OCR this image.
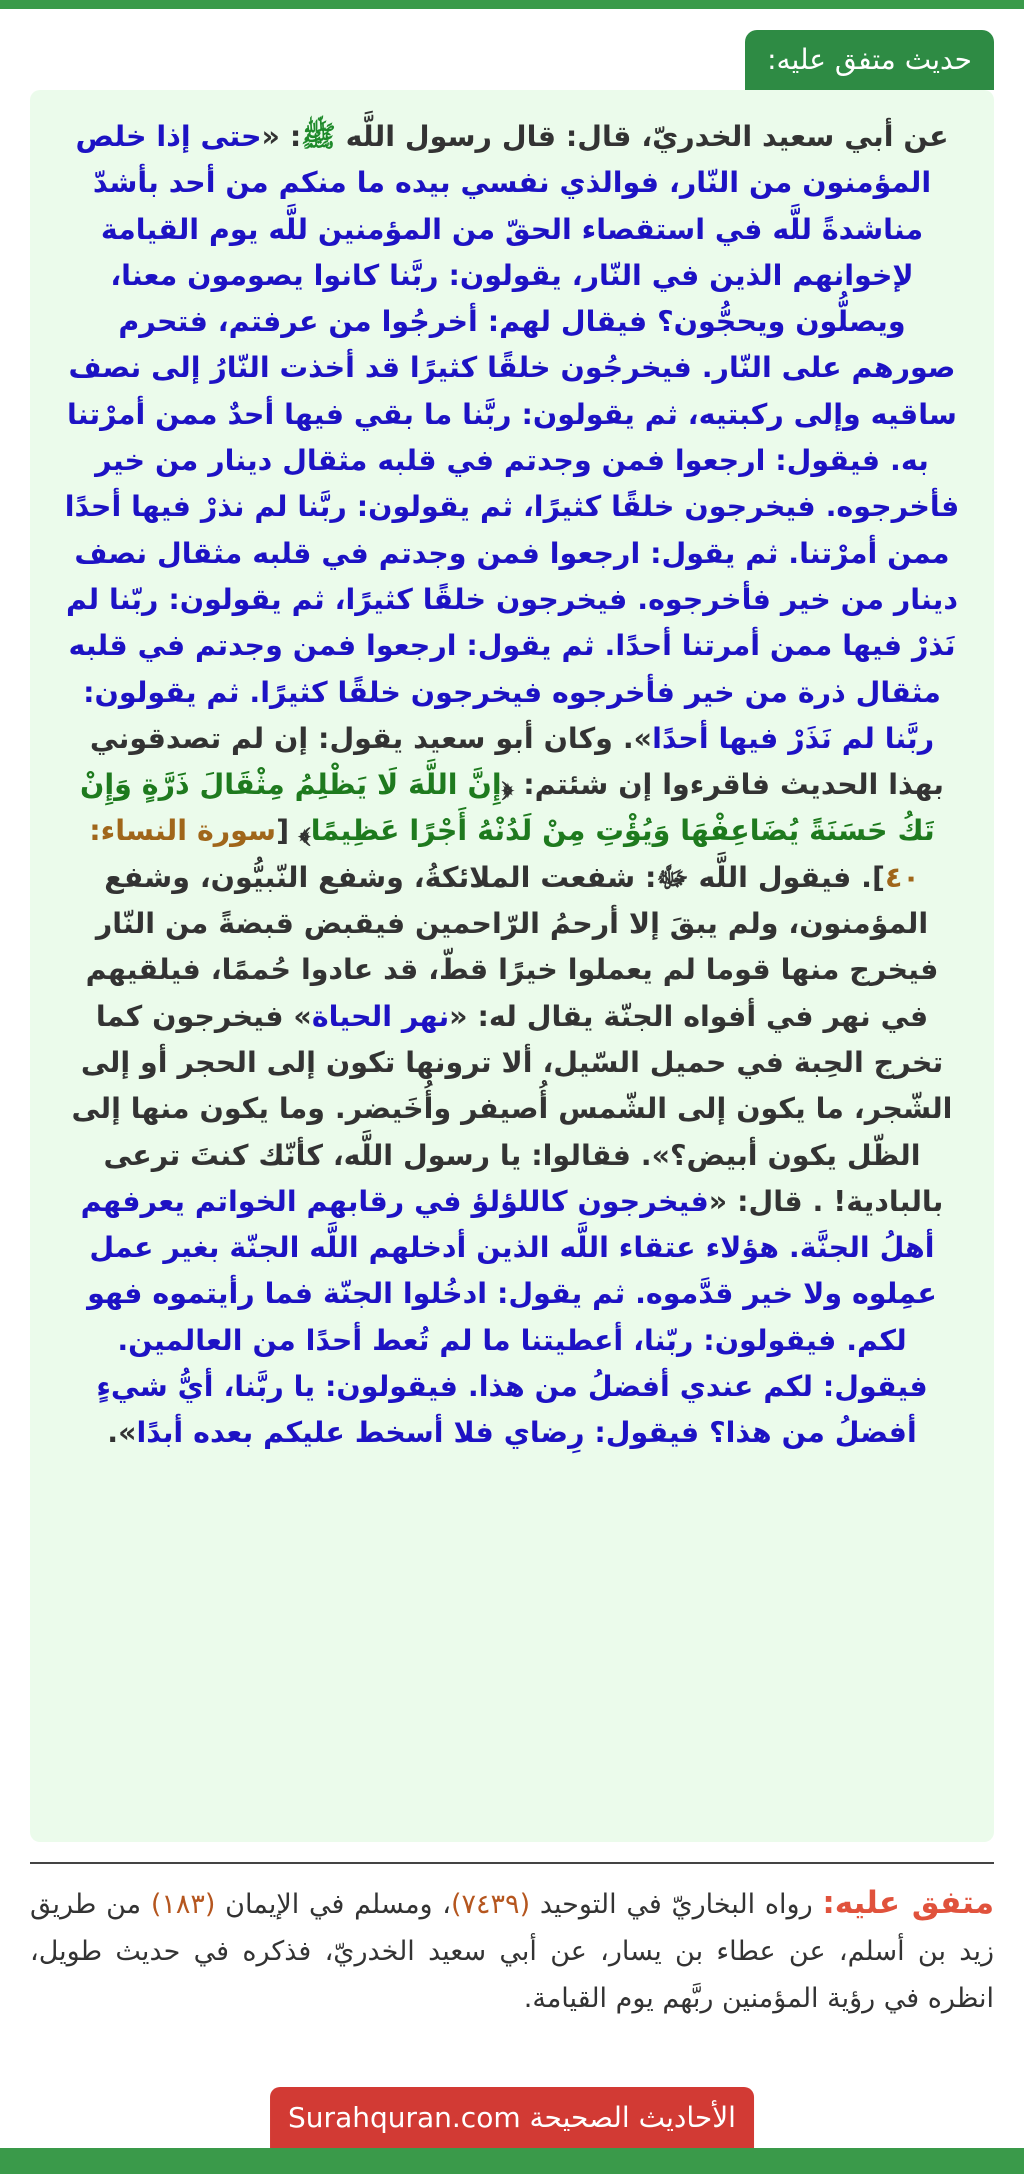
حديث متفق عليه:

عن أبي سعيد الخدريّ، قال: قال رسول اللَّه ﷺ: «حتى إذا خلص المؤمنون من النّار، فوالذي نفسي بيده ما منكم من أحد بأشدّ مناشدةً للَّه في استقصاء الحقّ من المؤمنين للَّه يوم القيامة لإخوانهم الذين في النّار، يقولون: ربَّنا كانوا يصومون معنا، ويصلُّون ويحجُّون؟ فيقال لهم: أخرجُوا من عرفتم، فتحرم صورهم على النّار. فيخرجُون خلقًا كثيرًا قد أخذت النّارُ إلى نصف ساقيه وإلى ركبتيه، ثم يقولون: ربَّنا ما بقي فيها أحدٌ ممن أمرْتنا به. فيقول: ارجعوا فمن وجدتم في قلبه مثقال دينار من خير فأخرجوه. فيخرجون خلقًا كثيرًا، ثم يقولون: ربَّنا لم نذرْ فيها أحدًا ممن أمرْتنا. ثم يقول: ارجعوا فمن وجدتم في قلبه مثقال نصف دينار من خير فأخرجوه. فيخرجون خلقًا كثيرًا، ثم يقولون: ربّنا لم نَذرْ فيها ممن أمرتنا أحدًا. ثم يقول: ارجعوا فمن وجدتم في قلبه مثقال ذرة من خير فأخرجوه فيخرجون خلقًا كثيرًا. ثم يقولون: ربَّنا لم نَذَرْ فيها أحدًا». وكان أبو سعيد يقول: إن لم تصدقوني بهذا الحديث فاقرءوا إن شئتم: ﴿إِنَّ اللَّهَ لَا يَظْلِمُ مِثْقَالَ ذَرَّةٍ وَإِنْ تَكُ حَسَنَةً يُضَاعِفْهَا وَيُؤْتِ مِنْ لَدُنْهُ أَجْرًا عَظِيمًا﴾ [سورة النساء: ٤٠]. فيقول اللَّه ﷻ: شفعت الملائكةُ، وشفع النّبيُّون، وشفع المؤمنون، ولم يبقَ إلا أرحمُ الرّاحمين فيقبض قبضةً من النّار فيخرج منها قوما لم يعملوا خيرًا قطّ، قد عادوا حُممًا، فيلقيهم في نهر في أفواه الجنّة يقال له: «نهر الحياة» فيخرجون كما تخرج الحِبة في حميل السّيل، ألا ترونها تكون إلى الحجر أو إلى الشّجر، ما يكون إلى الشّمس أُصيفر وأُخَيضر. وما يكون منها إلى الظّل يكون أبيض؟». فقالوا: يا رسول اللَّه، كأنّك كنتَ ترعى بالبادية! . قال: «فيخرجون كاللؤلؤ في رقابهم الخواتم يعرفهم أهلُ الجنَّة. هؤلاء عتقاء اللَّه الذين أدخلهم اللَّه الجنّة بغير عمل عمِلوه ولا خير قدَّموه. ثم يقول: ادخُلوا الجنّة فما رأيتموه فهو لكم. فيقولون: ربّنا، أعطيتنا ما لم تُعط أحدًا من العالمين. فيقول: لكم عندي أفضلُ من هذا. فيقولون: يا ربَّنا، أيُّ شيءٍ أفضلُ من هذا؟ فيقول: رِضاي فلا أسخط عليكم بعده أبدًا».

متفق عليه: رواه البخاريّ في التوحيد (٧٤٣٩)، ومسلم في الإيمان (١٨٣) من طريق زيد بن أسلم، عن عطاء بن يسار، عن أبي سعيد الخدريّ، فذكره في حديث طويل، انظره في رؤية المؤمنين ربَّهم يوم القيامة.

الأحاديث الصحيحة Surahquran.com
